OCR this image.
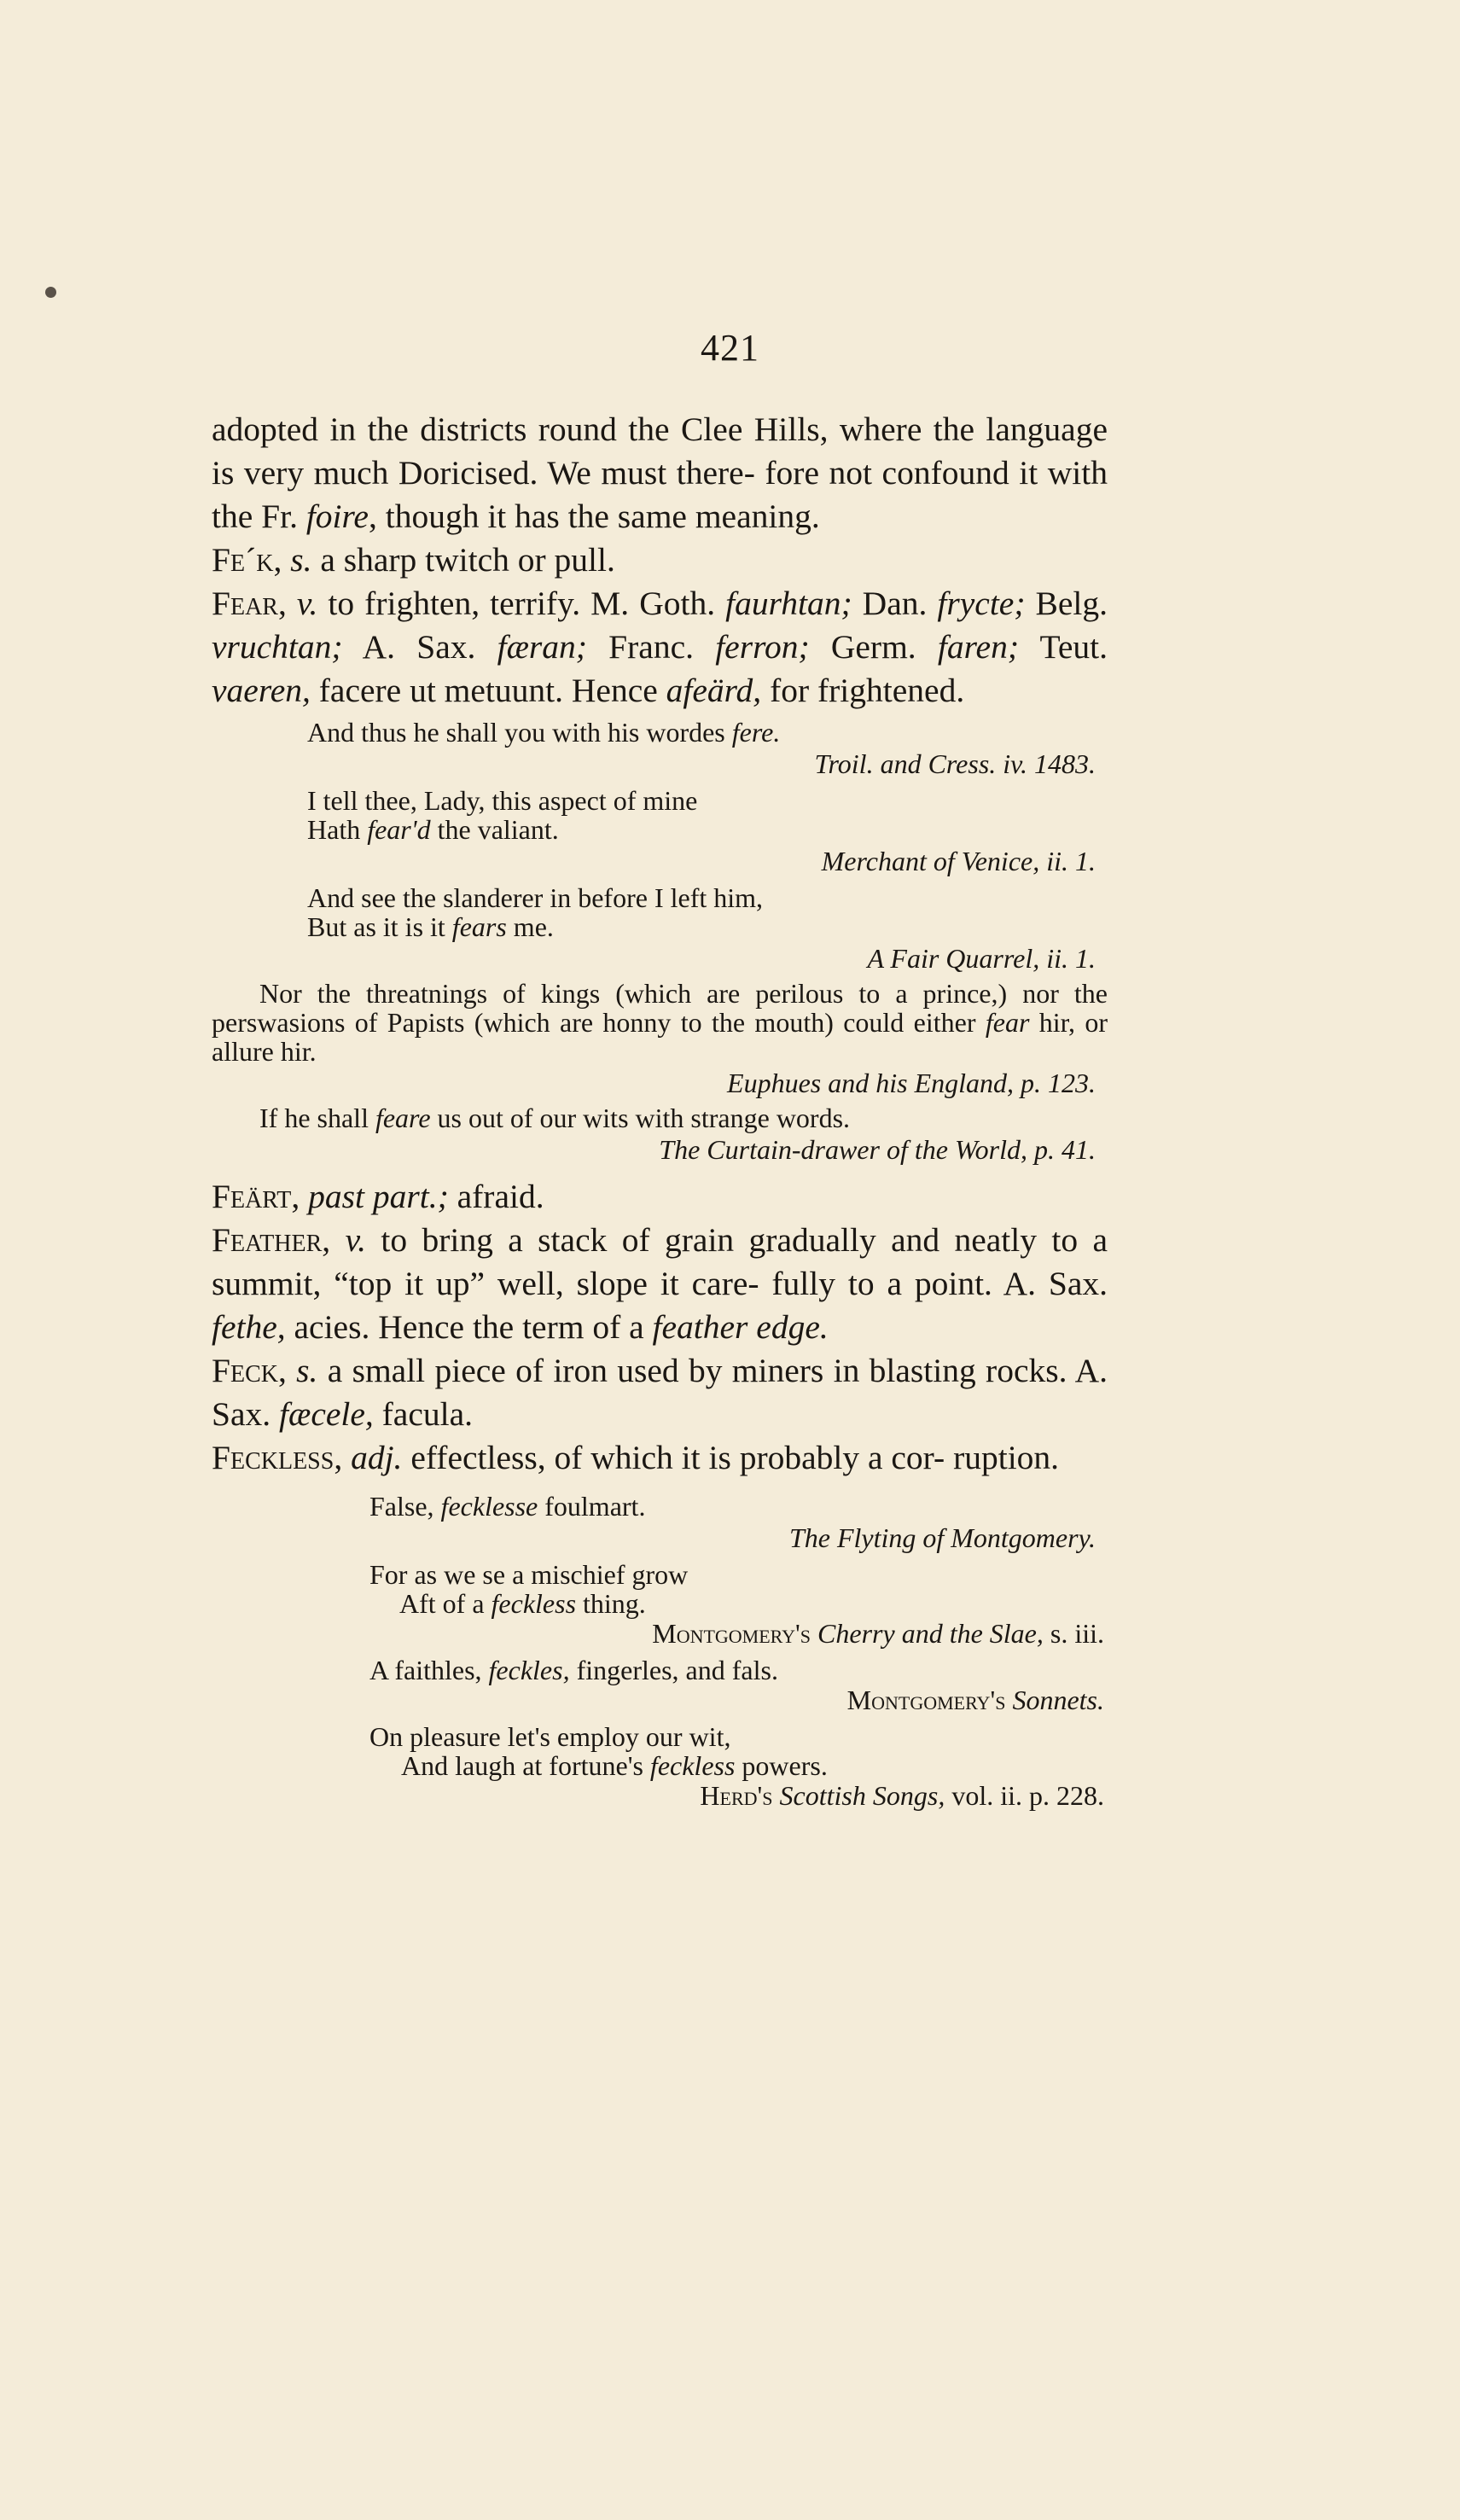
421

adopted in the districts round the Clee Hills, where the language is very much Doricised. We must there- fore not confound it with the Fr. foire, though it has the same meaning.

Fe´k, s. a sharp twitch or pull.

Fear, v. to frighten, terrify. M. Goth. faurhtan; Dan. frycte; Belg. vruchtan; A. Sax. færan; Franc. ferron; Germ. faren; Teut. vaeren, facere ut metuunt. Hence afeärd, for frightened.

And thus he shall you with his wordes fere.
Troil. and Cress. iv. 1483.
I tell thee, Lady, this aspect of mine
Hath fear'd the valiant.
Merchant of Venice, ii. 1.
And see the slanderer in before I left him,
But as it is it fears me.
A Fair Quarrel, ii. 1.
Nor the threatnings of kings (which are perilous to a prince,) nor the perswasions of Papists (which are honny to the mouth) could either fear hir, or allure hir.
Euphues and his England, p. 123.
If he shall feare us out of our wits with strange words.
The Curtain-drawer of the World, p. 41.

Feärt, past part.; afraid.

Feather, v. to bring a stack of grain gradually and neatly to a summit, “top it up” well, slope it care- fully to a point. A. Sax. fethe, acies. Hence the term of a feather edge.

Feck, s. a small piece of iron used by miners in blasting rocks. A. Sax. fæcele, facula.

Feckless, adj. effectless, of which it is probably a cor- ruption.

False, fecklesse foulmart.
The Flyting of Montgomery.
For as we se a mischief grow
Aft of a feckless thing.
Montgomery's Cherry and the Slae, s. iii.
A faithles, feckles, fingerles, and fals.
Montgomery's Sonnets.
On pleasure let's employ our wit,
And laugh at fortune's feckless powers.
Herd's Scottish Songs, vol. ii. p. 228.
